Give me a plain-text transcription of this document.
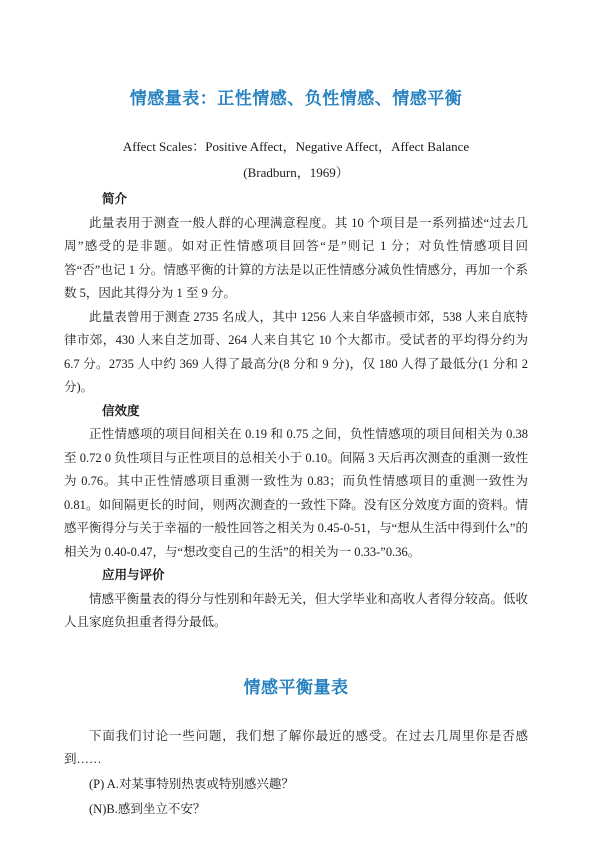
情感量表：正性情感、负性情感、情感平衡

Affect Scales：Positive Affect，Negative Affect，Affect Balance

(Bradburn，1969）

简介

此量表用于测查一般人群的心理满意程度。其 10 个项目是一系列描述“过去几周”感受的是非题。如对正性情感项目回答“是”则记 1 分；对负性情感项目回答“否”也记 1 分。情感平衡的计算的方法是以正性情感分减负性情感分，再加一个系数 5，因此其得分为 1 至 9 分。

此量表曾用于测查 2735 名成人，其中 1256 人来自华盛顿市郊，538 人来自底特律市郊，430 人来自芝加哥、264 人来自其它 10 个大都市。受试者的平均得分约为 6.7 分。2735 人中约 369 人得了最高分(8 分和 9 分)，仅 180 人得了最低分(1 分和 2 分)。

信效度

正性情感项的项目间相关在 0.19 和 0.75 之间，负性情感项的项目间相关为 0.38 至 0.72 0 负性项目与正性项目的总相关小于 0.10。间隔 3 天后再次测查的重测一致性为 0.76。其中正性情感项目重测一致性为 0.83；而负性情感项目的重测一致性为 0.81。如间隔更长的时间，则两次测查的一致性下降。没有区分效度方面的资料。情感平衡得分与关于幸福的一般性回答之相关为 0.45-0-51，与“想从生活中得到什么”的相关为 0.40-0.47，与“想改变自己的生活”的相关为一 0.33-”0.36。

应用与评价

情感平衡量表的得分与性别和年龄无关，但大学毕业和高收人者得分较高。低收人且家庭负担重者得分最低。

情感平衡量表

下面我们讨论一些问题，我们想了解你最近的感受。在过去几周里你是否感到……

(P) A.对某事特别热衷或特别感兴趣？

(N)B.感到坐立不安？
